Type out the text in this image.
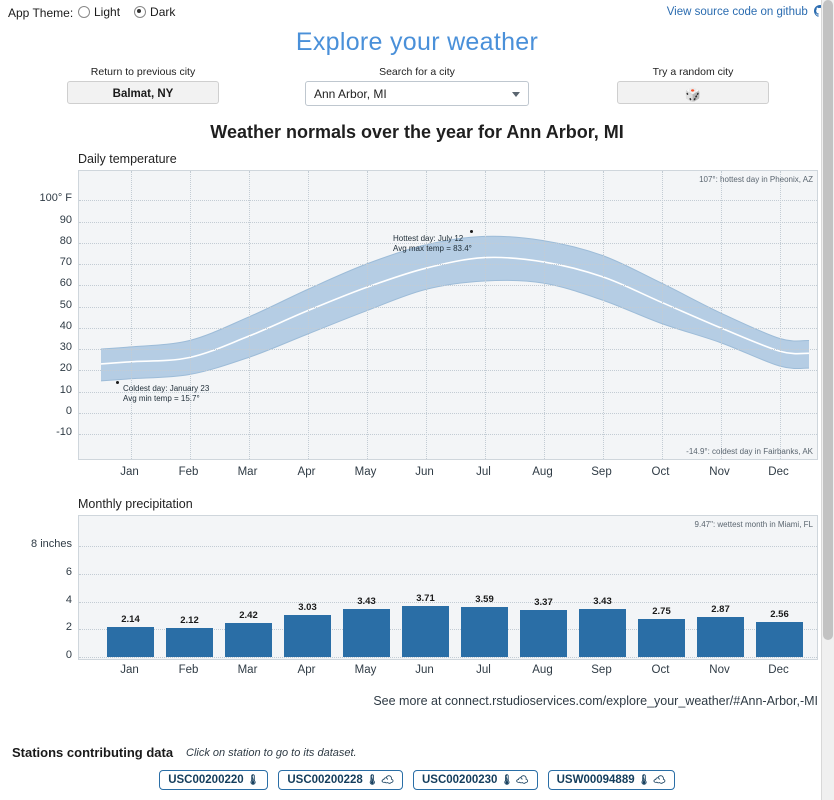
App Theme: Light	Dark	View source code on github
Explore your weather
Return to previous city
Balmat, NY
Search for a city
Ann Arbor, MI
Try a random city
🎲
Weather normals over the year for Ann Arbor, MI
Daily temperature
107°: hottest day in Pheonix, AZ
-14.9°: coldest day in Fairbanks, AK
Hottest day: July 12
Avg max temp = 83.4°
Coldest day: January 23
Avg min temp = 15.7°
100° F
90
80
70
60
50
40
30
20
10
0
-10
Jan	Feb	Mar	Apr	May	Jun	Jul	Aug	Sep	Oct	Nov	Dec
Monthly precipitation
9.47": wettest month in Miami, FL
2.14	2.12	2.42
3.03
3.43	3.71	3.59	3.37	3.43
2.75	2.87	2.56
8 inches
6
4
2
0
Jan	Feb	Mar	Apr	May	Jun	Jul	Aug	Sep	Oct	Nov	Dec
See more at connect.rstudioservices.com/explore_your_weather/#Ann-Arbor,-MI
Stations contributing data Click on station to go to its dataset.
USC00200220 🌡	USC00200228 🌡 ☁	USC00200230 🌡 ☁	USW00094889 🌡 ☁
